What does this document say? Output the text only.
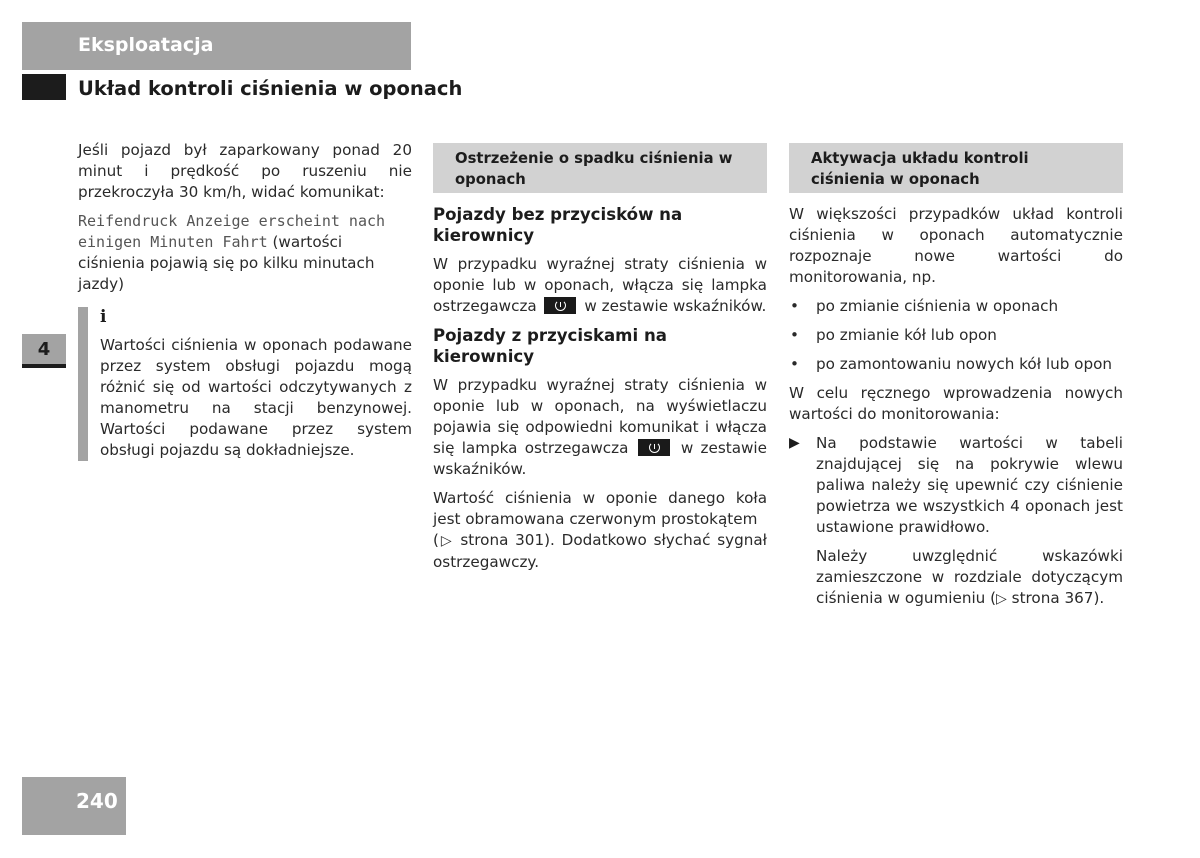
Eksploatacja
Układ kontroli ciśnienia w oponach
4
240

Jeśli pojazd był zaparkowany ponad 20 minut i prędkość po ruszeniu nie przekroczyła 30 km/h, widać komunikat:

Reifendruck Anzeige erscheint nach einigen Minuten Fahrt (wartości ciśnienia pojawią się po kilku minutach jazdy)

i

Wartości ciśnienia w oponach podawane przez system obsługi pojazdu mogą różnić się od wartości odczytywanych z manometru na stacji benzynowej. Wartości podawane przez system obsługi pojazdu są dokładniejsze.

Ostrzeżenie o spadku ciśnienia w oponach
Pojazdy bez przycisków na kierownicy

W przypadku wyraźnej straty ciśnienia w oponie lub w oponach, włącza się lampka ostrzegawcza	w zestawie wskaźników.

Pojazdy z przyciskami na kierownicy

W przypadku wyraźnej straty ciśnienia w oponie lub w oponach, na wyświetlaczu pojawia się odpowiedni komunikat i włącza się lampka ostrzegawcza	w zestawie wskaźników.

Wartość ciśnienia w oponie danego koła jest obramowana czerwonym prostokątem
(▷ strona 301). Dodatkowo słychać sygnał ostrzegawczy.

Aktywacja układu kontroli ciśnienia w oponach

W większości przypadków układ kontroli ciśnienia w oponach automatycznie rozpoznaje nowe wartości do monitorowania, np.

• po zmianie ciśnienia w oponach
• po zmianie kół lub opon
• po zamontowaniu nowych kół lub opon

W celu ręcznego wprowadzenia nowych wartości do monitorowania:

▶ Na podstawie wartości w tabeli znajdującej się na pokrywie wlewu paliwa należy się upewnić czy ciśnienie powietrza we wszystkich 4 oponach jest ustawione prawidłowo.
Należy uwzględnić wskazówki zamieszczone w rozdziale dotyczącym ciśnienia w ogumieniu (▷ strona 367).
